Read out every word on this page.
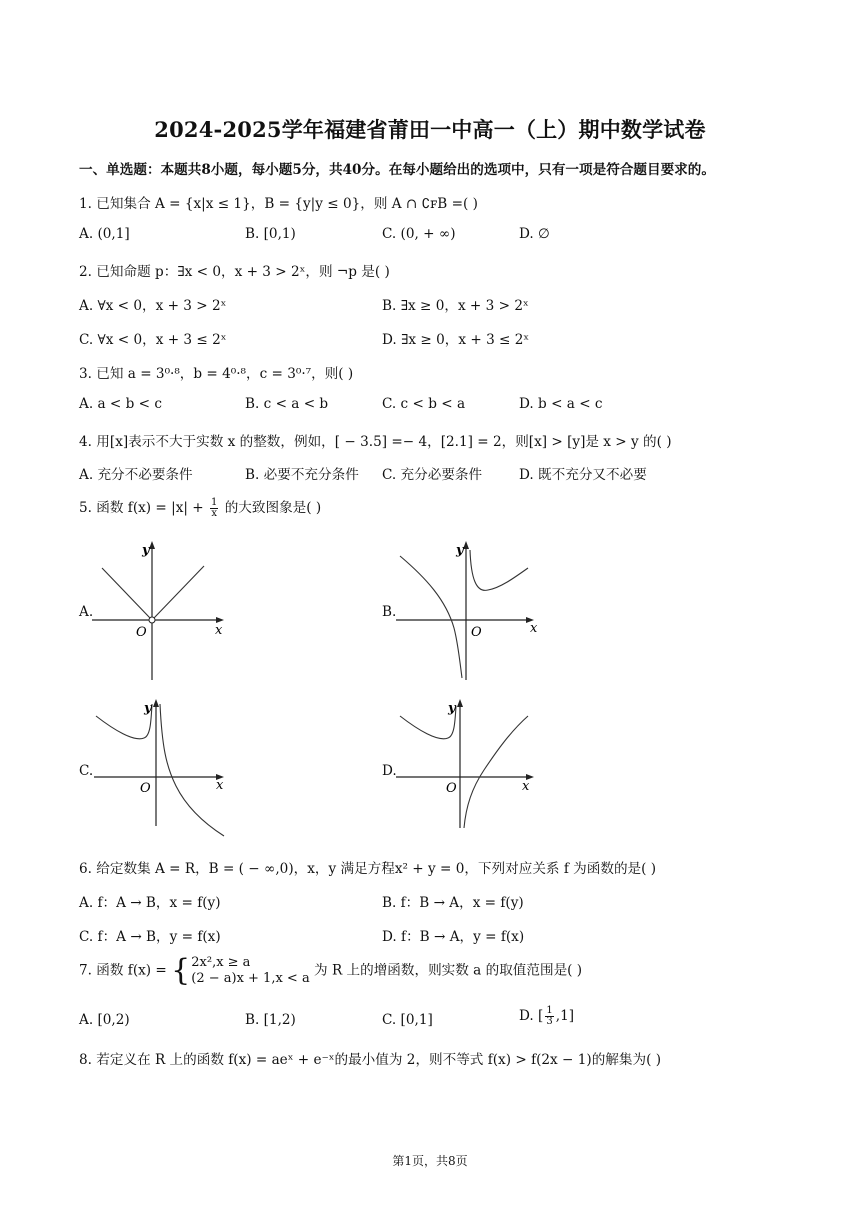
2024-2025学年福建省莆田一中高一（上）期中数学试卷
一、单选题：本题共8小题，每小题5分，共40分。在每小题给出的选项中，只有一项是符合题目要求的。
1. 已知集合 A = {x|x ≤ 1}，B = {y|y ≤ 0}，则 A ∩ ∁ꜰB =( )
A. (0,1]	B. [0,1)	C. (0, + ∞)	D. ∅
2. 已知命题 p：∃x < 0，x + 3 > 2ˣ，则 ¬p 是( )
A. ∀x < 0，x + 3 > 2ˣ	B. ∃x ≥ 0，x + 3 > 2ˣ
C. ∀x < 0，x + 3 ≤ 2ˣ	D. ∃x ≥ 0，x + 3 ≤ 2ˣ
3. 已知 a = 3⁰·⁸，b = 4⁰·⁸，c = 3⁰·⁷，则( )
A. a < b < c	B. c < a < b	C. c < b < a	D. b < a < c
4. 用[x]表示不大于实数 x 的整数，例如，[ − 3.5] =− 4，[2.1] = 2，则[x] > [y]是 x > y 的( )
A. 充分不必要条件	B. 必要不充分条件 C. 充分必要条件	D. 既不充分又不必要
5. 函数 $f(x) = |x| + \frac{1}{x}$ 的大致图象是( )
A.
y
x
O
B.
y
x
O
C.
y
x
O
D.
y
x
O
6. 给定数集 A = R，B = ( − ∞,0)，x，y 满足方程x² + y = 0，下列对应关系 f 为函数的是( )
A. f：A → B，x = f(y)	B. f：B → A，x = f(y)
C. f：A → B，y = f(x)	D. f：B → A，y = f(x)
7. 函数 f(x) = { 2x²,x ≥ a
(2 − a)x + 1,x < a 为 R 上的增函数，则实数 a 的取值范围是( )
A. [0,2)	B. [1,2)	C. [0,1]	D. [ $\frac{1}{3} ,1$]
8. 若定义在 R 上的函数 f(x) = aeˣ + e⁻ˣ的最小值为 2，则不等式 f(x) > f(2x − 1)的解集为( )
第1页，共8页
